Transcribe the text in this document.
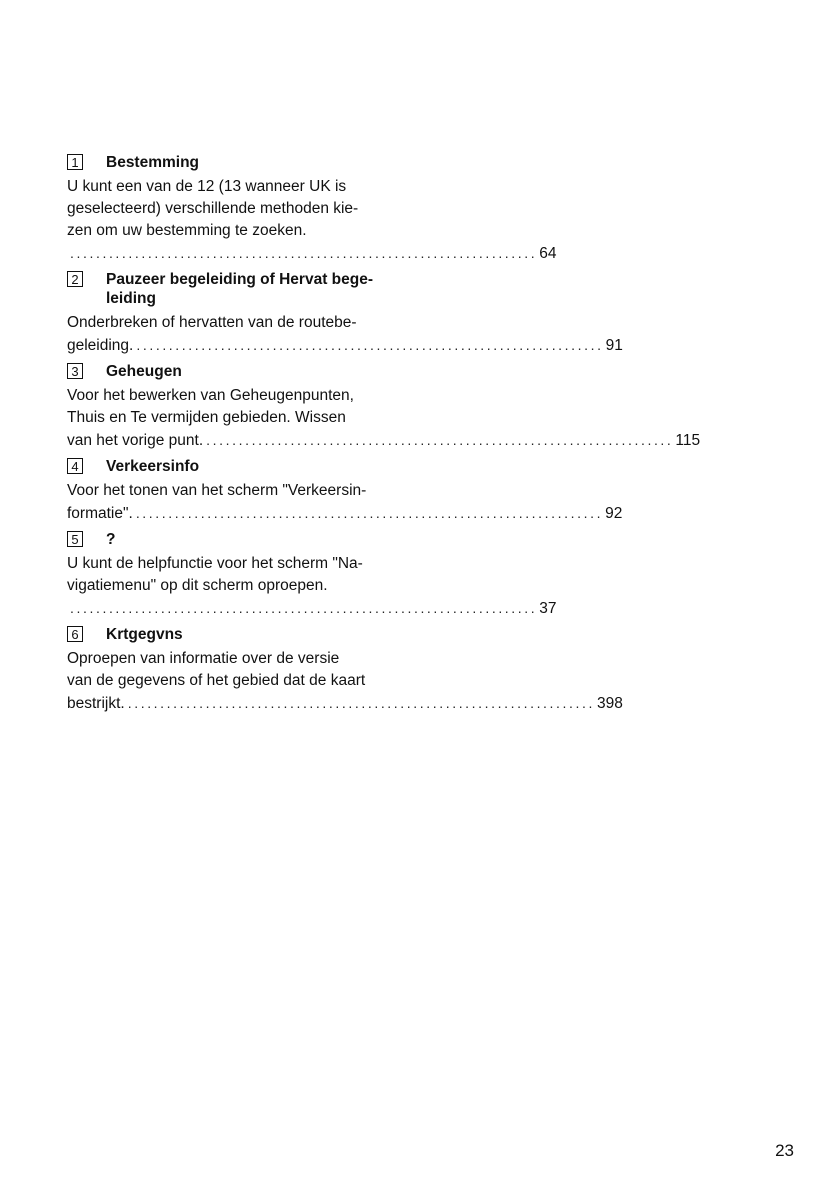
1 Bestemming
U kunt een van de 12 (13 wanneer UK is
geselecteerd) verschillende methoden kie-
zen om uw bestemming te zoeken.
........................................................................ 64
2 Pauzeer begeleiding of Hervat bege-leiding
Onderbreken of hervatten van de routebe-
geleiding. ........................................................................ 91
3 Geheugen
Voor het bewerken van Geheugenpunten,
Thuis en Te vermijden gebieden. Wissen
van het vorige punt. ........................................................................ 115
4 Verkeersinfo
Voor het tonen van het scherm "Verkeersin-
formatie". ........................................................................ 92
5 ?
U kunt de helpfunctie voor het scherm "Na-
vigatiemenu" op dit scherm oproepen.
........................................................................ 37
6 Krtgegvns
Oproepen van informatie over de versie
van de gegevens of het gebied dat de kaart
bestrijkt. ........................................................................ 398
23
